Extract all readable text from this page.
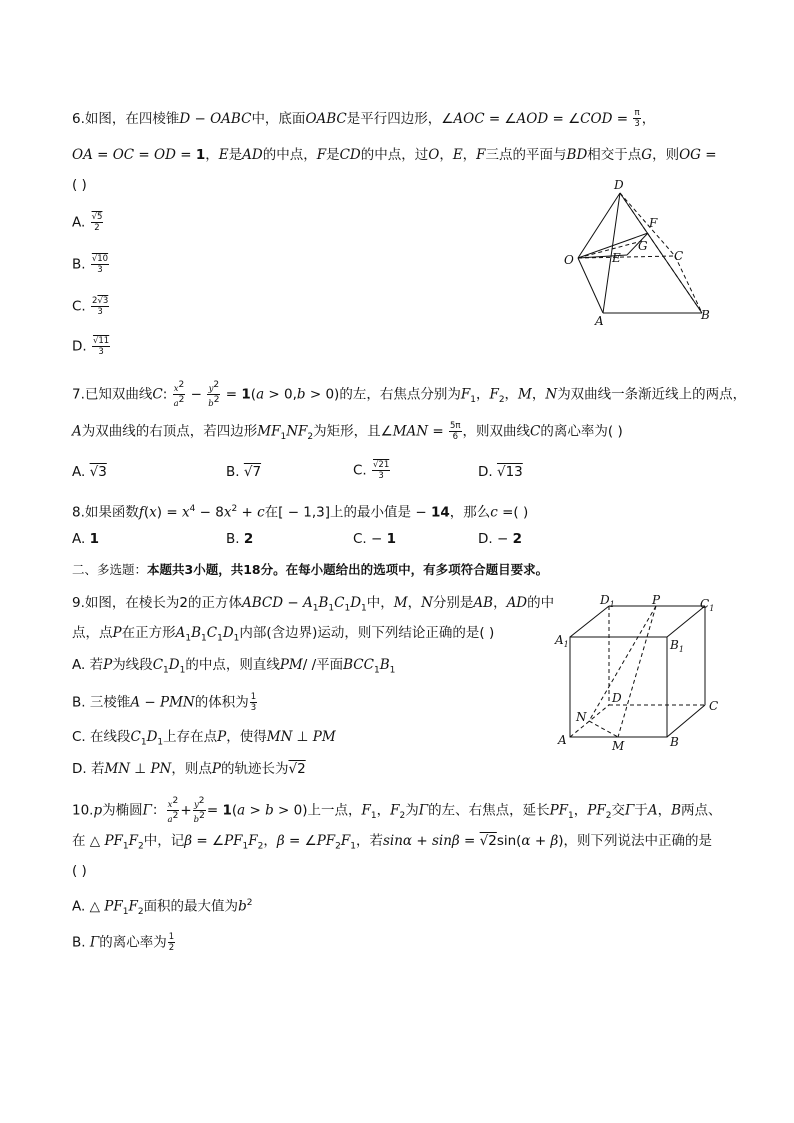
6.如图，在四棱锥D − OABC中，底面OABC是平行四边形，∠AOC = ∠AOD = ∠COD = $\frac{\pi}{3}$ ，
OA = OC = OD = 1，E是AD的中点，F是CD的中点，过O，E，F三点的平面与BD相交于点G，则OG =
( )
A. $\frac{√5}{2}$
B. $\frac{√10}{3}$
C. $\frac{2√3}{3}$
D. $\frac{√11}{3}$
D
F
G
O	E	C
A	B
7.已知双曲线C: $\frac{x^2}{a^2} - \frac{y^2}{b^2} = 1(a > 0,b > 0)$的左，右焦点分别为$F_1$，$F_2$，M，N为双曲线一条渐近线上的两点，
A为双曲线的右顶点，若四边形$MF_1NF_2$为矩形，且∠MAN = $\frac{5\pi}{6}$ ，则双曲线C的离心率为( )
A. √3	B. √7	C. $\frac{√21}{3}$	D. √13
8.如果函数$f(x) = x^4 - 8x^2 + c$在[ − 1,3]上的最小值是 − 14，那么c =( )
A. 1	B. 2	C. − 1	D. − 2
二、多选题：本题共3小题，共18分。在每小题给出的选项中，有多项符合题目要求。
9.如图，在棱长为2的正方体ABCD − $A_1B_1C_1D_1$中，M，N分别是AB，AD的中
点，点P在正方形$A_1B_1C_1D_1$内部(含边界)运动，则下列结论正确的是( )
A. 若P为线段$C_1D_1$的中点，则直线PM/ /平面$BCC_1B_1$
B. 三棱锥A − PMN的体积为 $\frac{1}{3}$
C. 在线段$C_1D_1$上存在点P，使得MN ⊥ PM
D. 若MN ⊥ PN，则点P的轨迹长为√2
$D_1$	P	$C_1$
$A_1$	$B_1$
D
C
N
A	M	B
10.p为椭圆Γ： $\frac{x^2}{a^2} + \frac{y^2}{b^2} = 1(a > b > 0)$上一点，$F_1$，$F_2$为Γ的左、右焦点，延长$PF_1$，$PF_2$交Γ于A，B两点、
在 △ $PF_1F_2$中，记$\beta = \angle PF_1F_2$，$\beta = \angle PF_2F_1$，若sinα + sinβ = √2sin(α + β)，则下列说法中正确的是
( )
A. △ $PF_1F_2$面积的最大值为$b^2$
B. Γ的离心率为 $\frac{1}{2}$
